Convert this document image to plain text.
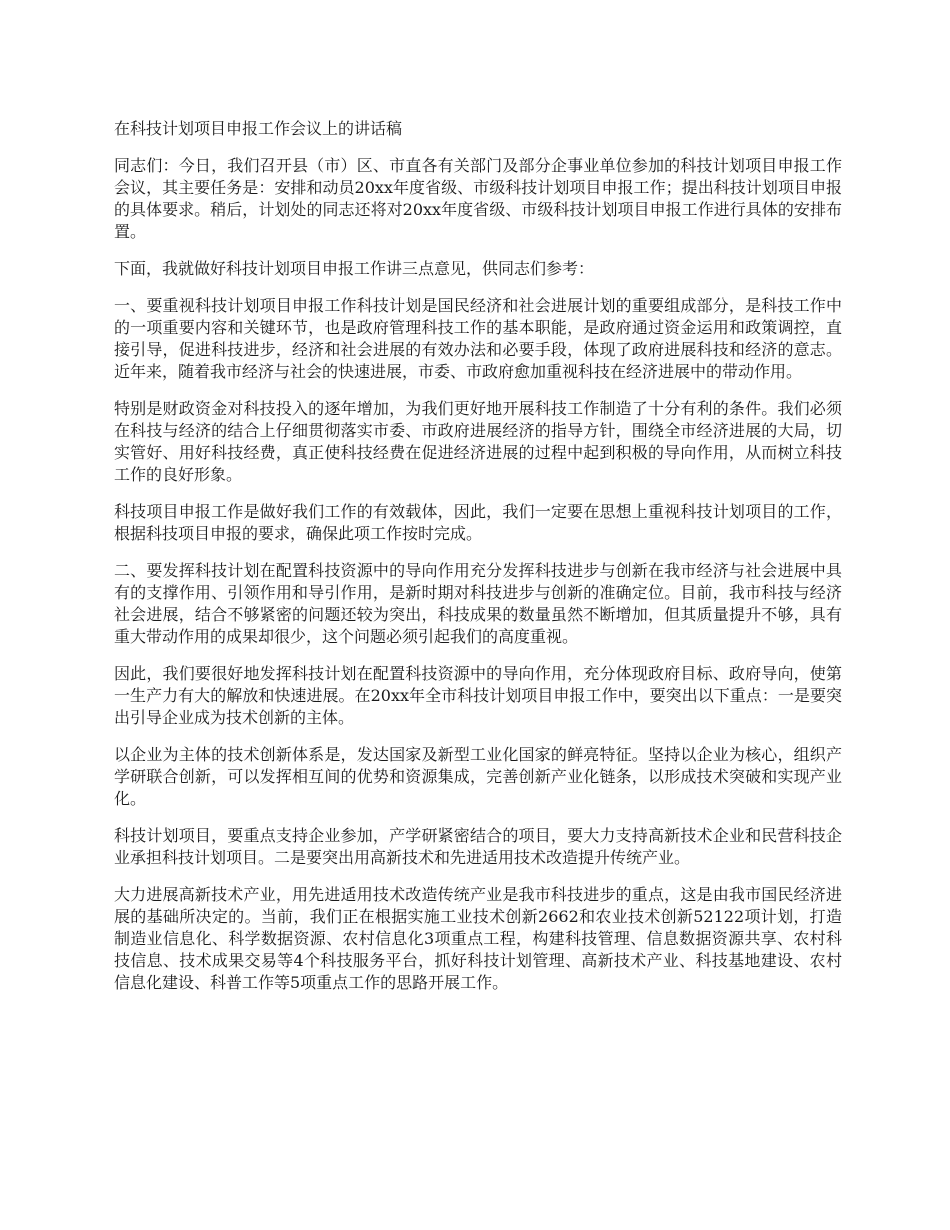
在科技计划项目申报工作会议上的讲话稿

同志们：今日，我们召开县（市）区、市直各有关部门及部分企事业单位参加的科技计划项目申报工作会议，其主要任务是：安排和动员20xx年度省级、市级科技计划项目申报工作；提出科技计划项目申报的具体要求。稍后，计划处的同志还将对20xx年度省级、市级科技计划项目申报工作进行具体的安排布置。

下面，我就做好科技计划项目申报工作讲三点意见，供同志们参考：

一、要重视科技计划项目申报工作科技计划是国民经济和社会进展计划的重要组成部分，是科技工作中的一项重要内容和关键环节，也是政府管理科技工作的基本职能，是政府通过资金运用和政策调控，直接引导，促进科技进步，经济和社会进展的有效办法和必要手段，体现了政府进展科技和经济的意志。近年来，随着我市经济与社会的快速进展，市委、市政府愈加重视科技在经济进展中的带动作用。

特别是财政资金对科技投入的逐年增加，为我们更好地开展科技工作制造了十分有利的条件。我们必须在科技与经济的结合上仔细贯彻落实市委、市政府进展经济的指导方针，围绕全市经济进展的大局，切实管好、用好科技经费，真正使科技经费在促进经济进展的过程中起到积极的导向作用，从而树立科技工作的良好形象。

科技项目申报工作是做好我们工作的有效载体，因此，我们一定要在思想上重视科技计划项目的工作，根据科技项目申报的要求，确保此项工作按时完成。

二、要发挥科技计划在配置科技资源中的导向作用充分发挥科技进步与创新在我市经济与社会进展中具有的支撑作用、引领作用和导引作用，是新时期对科技进步与创新的准确定位。目前，我市科技与经济社会进展，结合不够紧密的问题还较为突出，科技成果的数量虽然不断增加，但其质量提升不够，具有重大带动作用的成果却很少，这个问题必须引起我们的高度重视。

因此，我们要很好地发挥科技计划在配置科技资源中的导向作用，充分体现政府目标、政府导向，使第一生产力有大的解放和快速进展。在20xx年全市科技计划项目申报工作中，要突出以下重点：一是要突出引导企业成为技术创新的主体。

以企业为主体的技术创新体系是，发达国家及新型工业化国家的鲜亮特征。坚持以企业为核心，组织产学研联合创新，可以发挥相互间的优势和资源集成，完善创新产业化链条，以形成技术突破和实现产业化。

科技计划项目，要重点支持企业参加，产学研紧密结合的项目，要大力支持高新技术企业和民营科技企业承担科技计划项目。二是要突出用高新技术和先进适用技术改造提升传统产业。

大力进展高新技术产业，用先进适用技术改造传统产业是我市科技进步的重点，这是由我市国民经济进展的基础所决定的。当前，我们正在根据实施工业技术创新2662和农业技术创新52122项计划，打造制造业信息化、科学数据资源、农村信息化3项重点工程，构建科技管理、信息数据资源共享、农村科技信息、技术成果交易等4个科技服务平台，抓好科技计划管理、高新技术产业、科技基地建设、农村信息化建设、科普工作等5项重点工作的思路开展工作。
